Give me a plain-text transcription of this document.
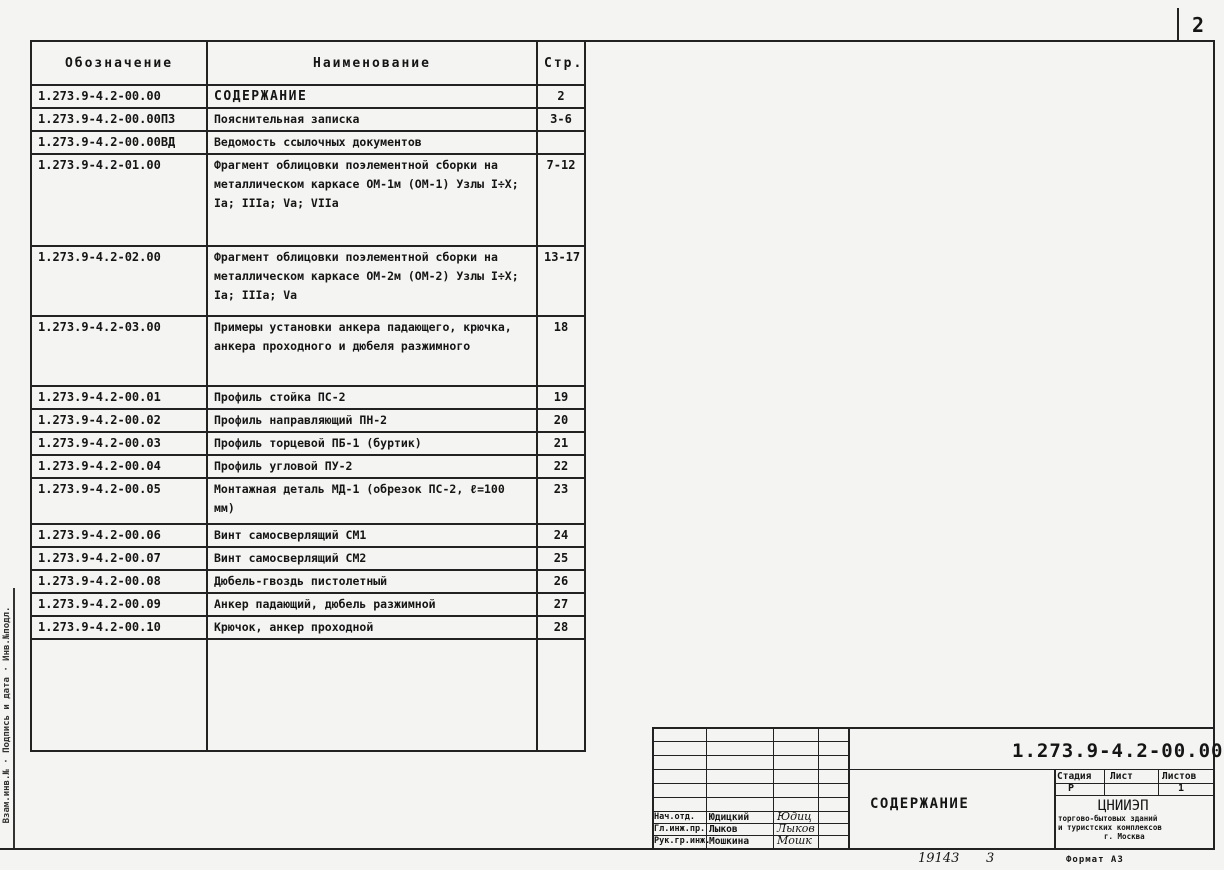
2
Взам.инв.№ · Подпись и дата · Инв.№подл.
Обозначение	Наименование	Стр.
1.273.9-4.2-00.00	СОДЕРЖАНИЕ	2
1.273.9-4.2-00.00ПЗ	Пояснительная записка	3-6
1.273.9-4.2-00.00ВД	Ведомость ссылочных документов	
1.273.9-4.2-01.00	Фрагмент облицовки поэлементной сборки на металлическом каркасе ОМ-1м (ОМ-1) Узлы I÷X; Iа; IIIа; Vа; VIIа	7-12
1.273.9-4.2-02.00	Фрагмент облицовки поэлементной сборки на металлическом каркасе ОМ-2м (ОМ-2) Узлы I÷X; Iа; IIIа; Vа	13-17
1.273.9-4.2-03.00	Примеры установки анкера падающего, крючка, анкера проходного и дюбеля разжимного	18
1.273.9-4.2-00.01	Профиль стойка ПС-2	19
1.273.9-4.2-00.02	Профиль направляющий ПН-2	20
1.273.9-4.2-00.03	Профиль торцевой ПБ-1 (буртик)	21
1.273.9-4.2-00.04	Профиль угловой ПУ-2	22
1.273.9-4.2-00.05	Монтажная деталь МД-1 (обрезок ПС-2, ℓ=100 мм)	23
1.273.9-4.2-00.06	Винт самосверлящий СМ1	24
1.273.9-4.2-00.07	Винт самосверлящий СМ2	25
1.273.9-4.2-00.08	Дюбель-гвоздь пистолетный	26
1.273.9-4.2-00.09	Анкер падающий, дюбель разжимной	27
1.273.9-4.2-00.10	Крючок, анкер проходной	28

1.273.9-4.2-00.00
СОДЕРЖАНИЕ
Стадия Лист	Листов
Р	1
ЦНИИЭП
торгово-бытовых зданий
и туристских комплексов
г. Москва
Нач.отд. Юдицкий	Юдиц
Гл.инж.пр. Лыков	Лыков
Рук.гр.инж.
Мошкина	Мошк
19143 3	Формат А3
